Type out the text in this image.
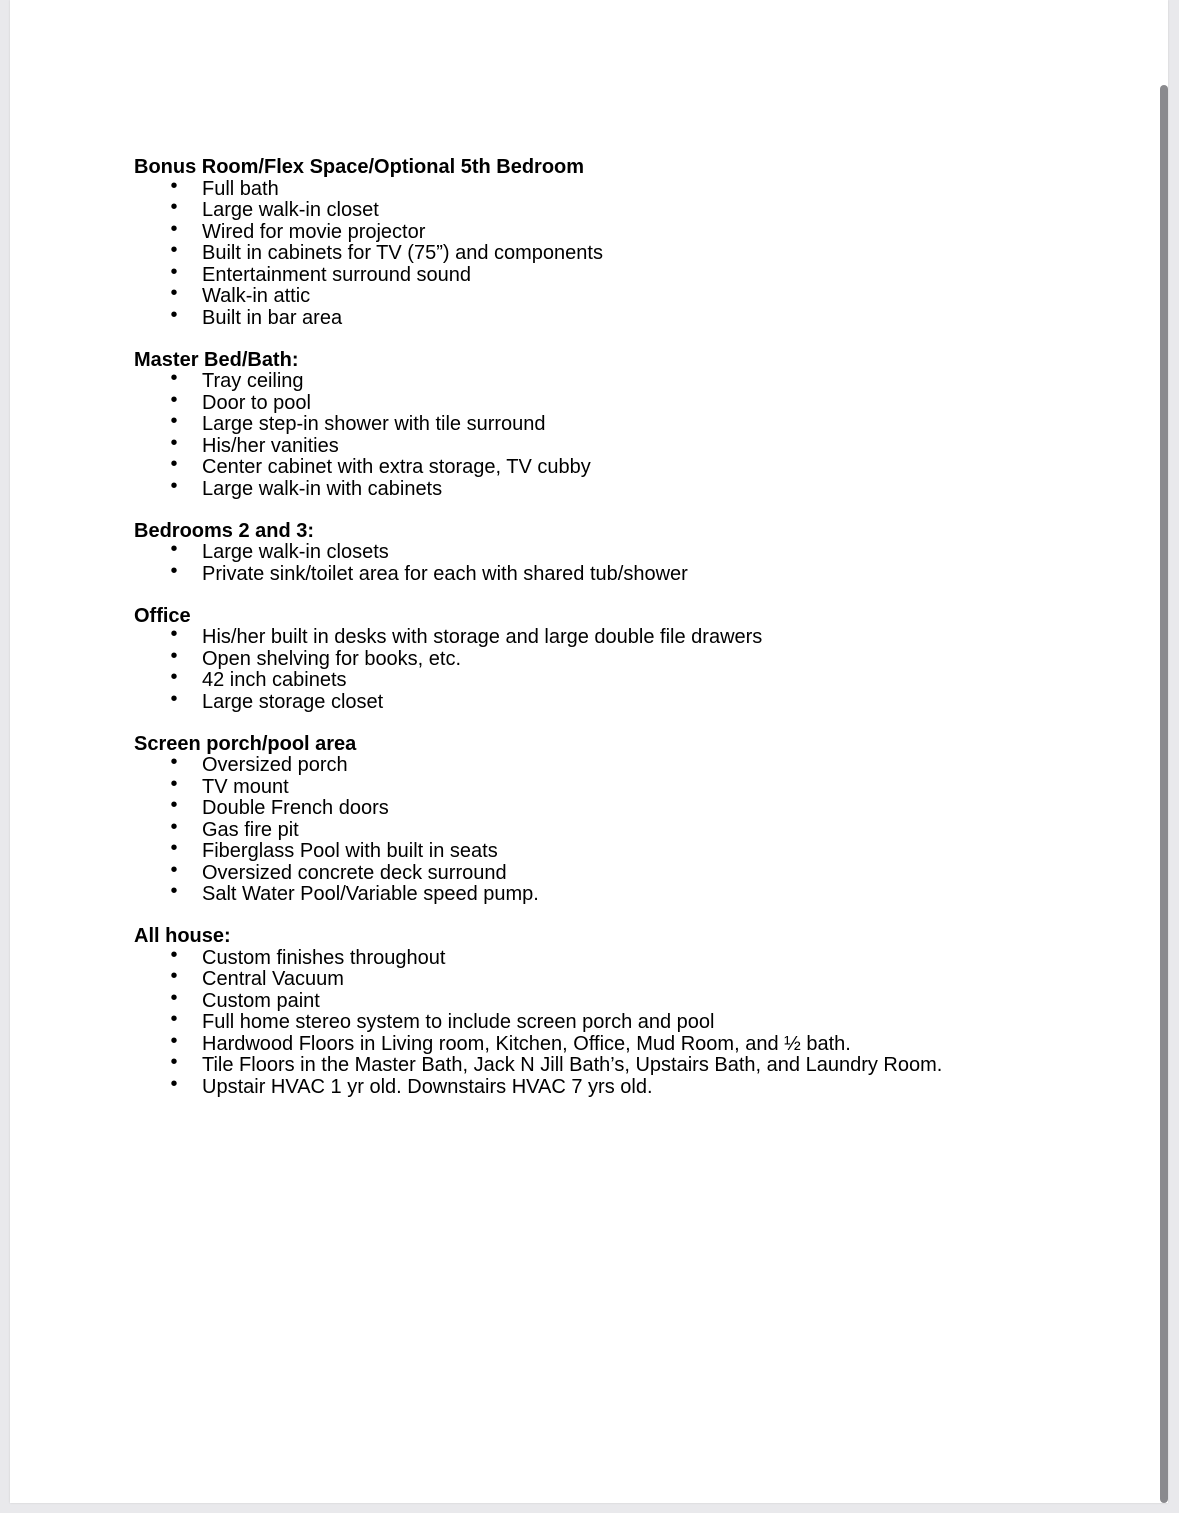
Bonus Room/Flex Space/Optional 5th Bedroom
• Full bath
• Large walk-in closet
• Wired for movie projector
• Built in cabinets for TV (75”) and components
• Entertainment surround sound
• Walk-in attic
• Built in bar area
Master Bed/Bath:
• Tray ceiling
• Door to pool
• Large step-in shower with tile surround
• His/her vanities
• Center cabinet with extra storage, TV cubby
• Large walk-in with cabinets
Bedrooms 2 and 3:
• Large walk-in closets
• Private sink/toilet area for each with shared tub/shower
Office
• His/her built in desks with storage and large double file drawers
• Open shelving for books, etc.
• 42 inch cabinets
• Large storage closet
Screen porch/pool area
• Oversized porch
• TV mount
• Double French doors
• Gas fire pit
• Fiberglass Pool with built in seats
• Oversized concrete deck surround
• Salt Water Pool/Variable speed pump.
All house:
• Custom finishes throughout
• Central Vacuum
• Custom paint
• Full home stereo system to include screen porch and pool
• Hardwood Floors in Living room, Kitchen, Office, Mud Room, and ½ bath.
• Tile Floors in the Master Bath, Jack N Jill Bath’s, Upstairs Bath, and Laundry Room.
• Upstair HVAC 1 yr old. Downstairs HVAC 7 yrs old.
